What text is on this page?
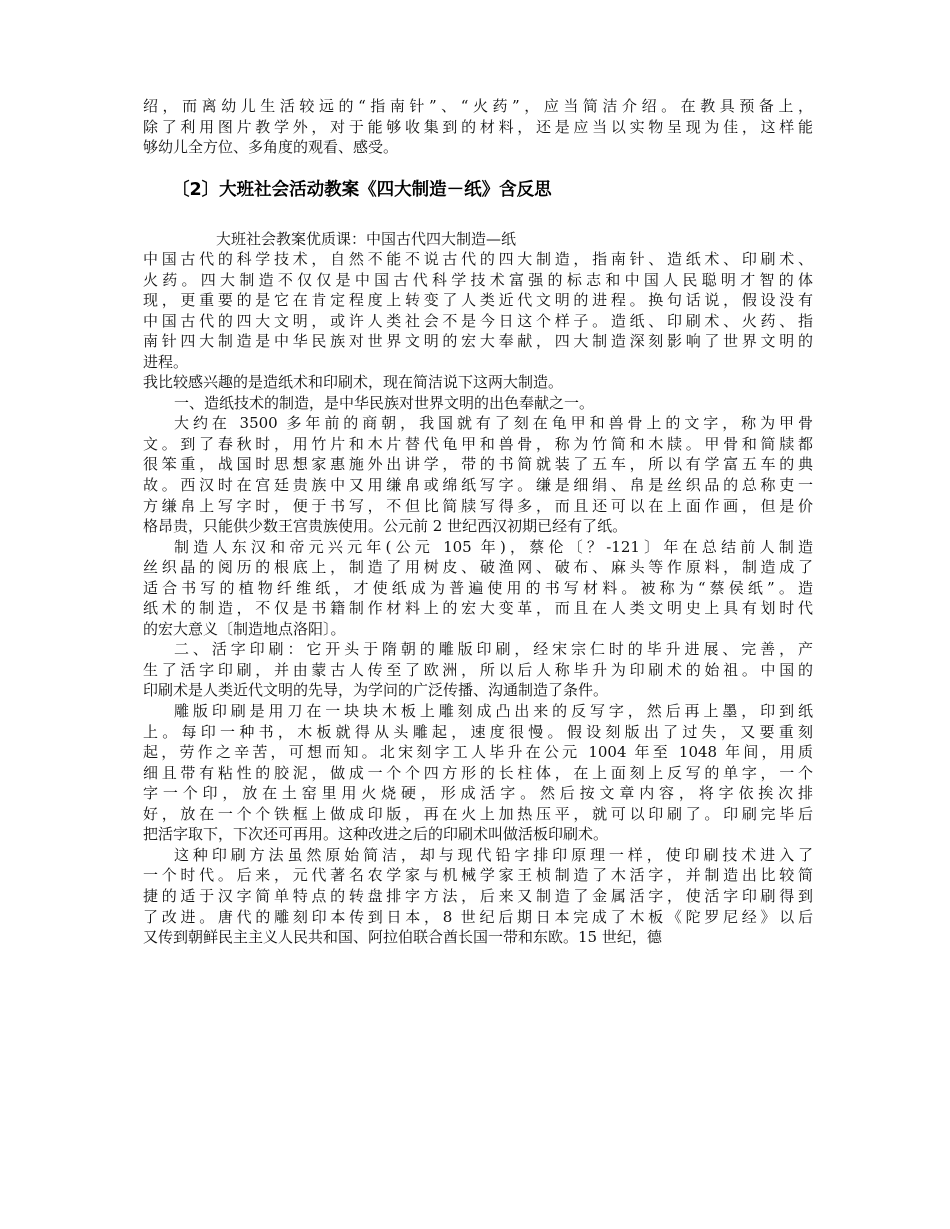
绍，而离幼儿生活较远的“指南针”、“火药”，应当简洁介绍。在教具预备上，
除了利用图片教学外，对于能够收集到的材料，还是应当以实物呈现为佳，这样能
够幼儿全方位、多角度的观看、感受。
〔2〕大班社会活动教案《四大制造－纸》含反思
大班社会教案优质课：中国古代四大制造—纸
中国古代的科学技术，自然不能不说古代的四大制造，指南针、造纸术、印刷术、
火药。四大制造不仅仅是中国古代科学技术富强的标志和中国人民聪明才智的体
现，更重要的是它在肯定程度上转变了人类近代文明的进程。换句话说，假设没有
中国古代的四大文明，或许人类社会不是今日这个样子。造纸、印刷术、火药、指
南针四大制造是中华民族对世界文明的宏大奉献，四大制造深刻影响了世界文明的
进程。
我比较感兴趣的是造纸术和印刷术，现在简洁说下这两大制造。
一、造纸技术的制造，是中华民族对世界文明的出色奉献之一。
大约在 3500 多年前的商朝，我国就有了刻在龟甲和兽骨上的文字，称为甲骨
文。到了春秋时，用竹片和木片替代龟甲和兽骨，称为竹简和木牍。甲骨和简牍都
很笨重，战国时思想家惠施外出讲学，带的书简就装了五车，所以有学富五车的典
故。西汉时在宫廷贵族中又用缣帛或绵纸写字。缣是细绢、帛是丝织品的总称吏一
方缣帛上写字时，便于书写，不但比简牍写得多，而且还可以在上面作画，但是价
格昂贵，只能供少数王宫贵族使用。公元前 2 世纪西汉初期已经有了纸。
制造人东汉和帝元兴元年(公元 105 年)，蔡伦〔？-121〕年在总结前人制造
丝织晶的阅历的根底上，制造了用树皮、破渔网、破布、麻头等作原料，制造成了
适合书写的植物纤维纸，才使纸成为普遍使用的书写材料。被称为“蔡侯纸”。造
纸术的制造，不仅是书籍制作材料上的宏大变革，而且在人类文明史上具有划时代
的宏大意义〔制造地点洛阳〕。
二、活字印刷：它开头于隋朝的雕版印刷，经宋宗仁时的毕升进展、完善，产
生了活字印刷，并由蒙古人传至了欧洲，所以后人称毕升为印刷术的始祖。中国的
印刷术是人类近代文明的先导，为学问的广泛传播、沟通制造了条件。
雕版印刷是用刀在一块块木板上雕刻成凸出来的反写字，然后再上墨，印到纸
上。每印一种书，木板就得从头雕起，速度很慢。假设刻版出了过失，又要重刻
起，劳作之辛苦，可想而知。北宋刻字工人毕升在公元 1004 年至 1048 年间，用质
细且带有粘性的胶泥，做成一个个四方形的长柱体，在上面刻上反写的单字，一个
字一个印，放在土窑里用火烧硬，形成活字。然后按文章内容，将字依挨次排
好，放在一个个铁框上做成印版，再在火上加热压平，就可以印刷了。印刷完毕后
把活字取下，下次还可再用。这种改进之后的印刷术叫做活板印刷术。
这种印刷方法虽然原始简洁，却与现代铅字排印原理一样，使印刷技术进入了
一个时代。后来，元代著名农学家与机械学家王桢制造了木活字，并制造出比较简
捷的适于汉字简单特点的转盘排字方法，后来又制造了金属活字，使活字印刷得到
了改进。唐代的雕刻印本传到日本，8 世纪后期日本完成了木板《陀罗尼经》以后
又传到朝鲜民主主义人民共和国、阿拉伯联合酋长国一带和东欧。15 世纪，德
